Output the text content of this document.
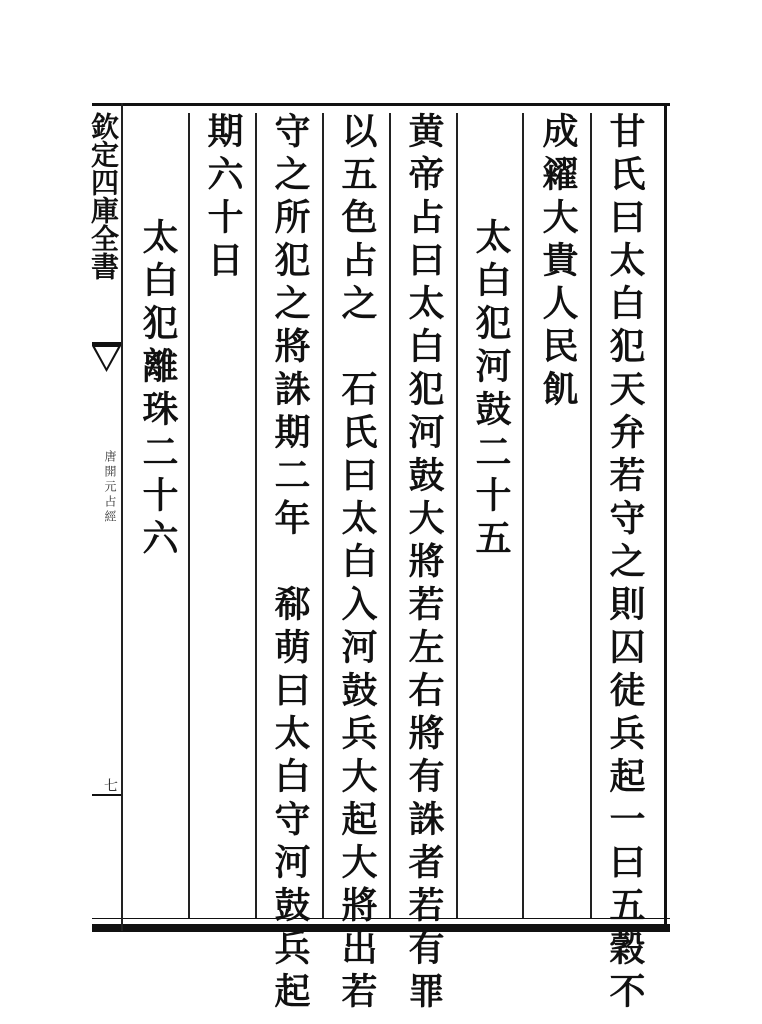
欽定四庫全書
唐開元占經
七	甘氏曰太白犯天弁若守之則囚徒兵起一曰五穀不
成糴大貴人民飢
太白犯河鼓二十五
黄帝占曰太白犯河鼓大將若左右將有誅者若有罪
以五色占之　石氏曰太白入河鼓兵大起大將出若
守之所犯之將誅期二年　郗萌曰太白守河鼓兵起
期六十日
太白犯離珠二十六
